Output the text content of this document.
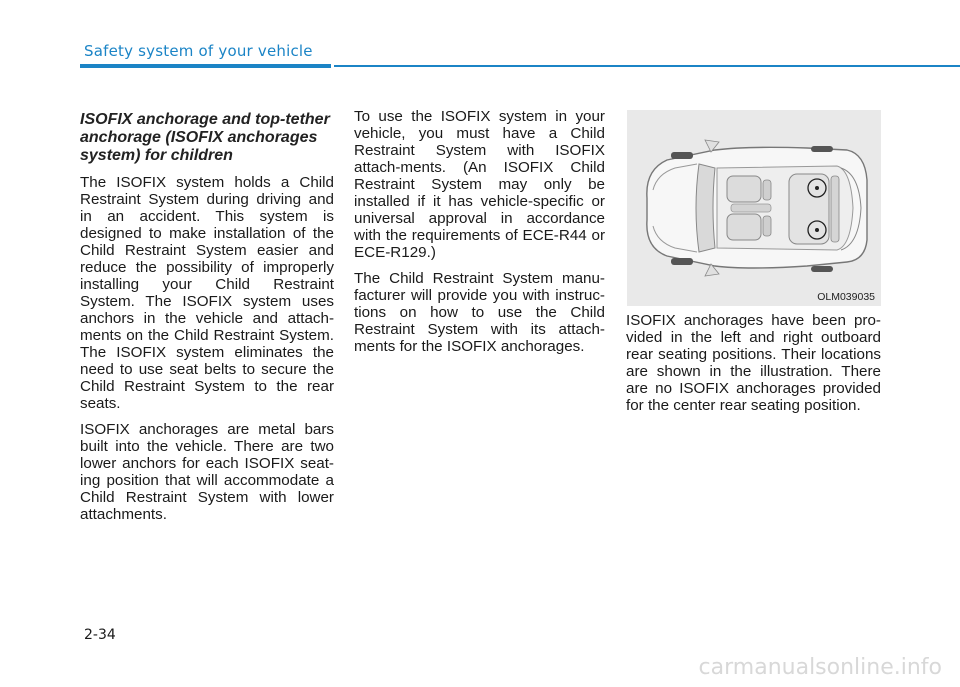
Safety system of your vehicle
ISOFIX anchorage and top-tether anchorage (ISOFIX anchorages system) for children

The ISOFIX system holds a Child Restraint System during driving and in an accident. This system is designed to make installation of the Child Restraint System easier and reduce the possibility of improperly installing your Child Restraint System. The ISOFIX system uses anchors in the vehicle and attach-ments on the Child Restraint System. The ISOFIX system eliminates the need to use seat belts to secure the Child Restraint System to the rear seats.

ISOFIX anchorages are metal bars built into the vehicle. There are two lower anchors for each ISOFIX seat-ing position that will accommodate a Child Restraint System with lower attachments.

To use the ISOFIX system in your vehicle, you must have a Child Restraint System with ISOFIX attach-ments. (An ISOFIX Child Restraint System may only be installed if it has vehicle-specific or universal approval in accordance with the requirements of ECE-R44 or ECE-R129.)

The Child Restraint System manu-facturer will provide you with instruc-tions on how to use the Child Restraint System with its attach-ments for the ISOFIX anchorages.

OLM039035

ISOFIX anchorages have been pro-vided in the left and right outboard rear seating positions. Their locations are shown in the illustration. There are no ISOFIX anchorages provided for the center rear seating position.

2-34
carmanualsonline.info
